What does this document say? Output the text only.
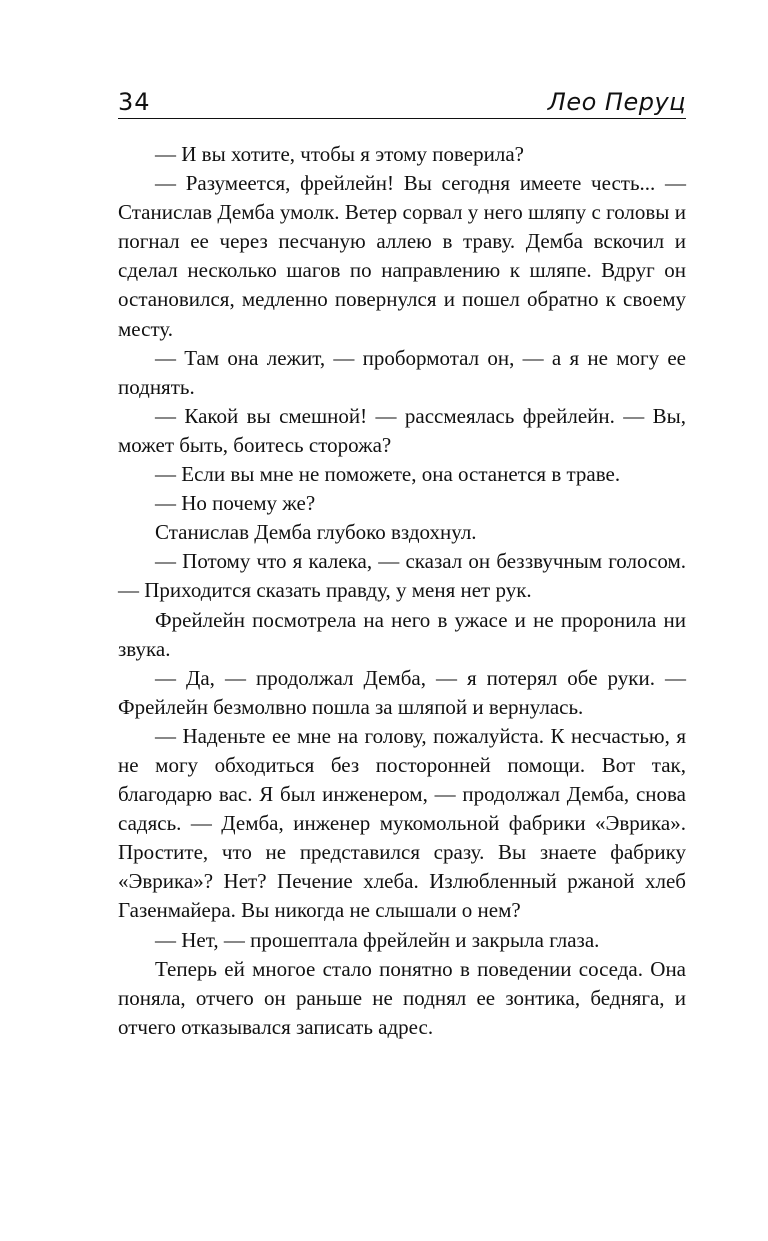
34	Лео Перуц

— И вы хотите, чтобы я этому поверила?

— Разумеется, фрейлейн! Вы сегодня имеете честь... — Станислав Демба умолк. Ветер сорвал у него шляпу с головы и погнал ее через песчаную аллею в траву. Демба вскочил и сделал несколько шагов по направлению к шляпе. Вдруг он остановился, медленно повернулся и пошел обратно к своему месту.

— Там она лежит, — пробормотал он, — а я не могу ее поднять.

— Какой вы смешной! — рассмеялась фрейлейн. — Вы, может быть, боитесь сторожа?

— Если вы мне не поможете, она останется в траве.

— Но почему же?

Станислав Демба глубоко вздохнул.

— Потому что я калека, — сказал он беззвучным голосом. — Приходится сказать правду, у меня нет рук.

Фрейлейн посмотрела на него в ужасе и не проронила ни звука.

— Да, — продолжал Демба, — я потерял обе руки. — Фрейлейн безмолвно пошла за шляпой и вернулась.

— Наденьте ее мне на голову, пожалуйста. К несчастью, я не могу обходиться без посторонней помощи. Вот так, благодарю вас. Я был инженером, — продолжал Демба, снова садясь. — Демба, инженер мукомольной фабрики «Эврика». Простите, что не представился сразу. Вы знаете фабрику «Эврика»? Нет? Печение хлеба. Излюбленный ржаной хлеб Газенмайера. Вы никогда не слышали о нем?

— Нет, — прошептала фрейлейн и закрыла глаза.

Теперь ей многое стало понятно в поведении соседа. Она поняла, отчего он раньше не поднял ее зонтика, бедняга, и отчего отказывался записать адрес.
